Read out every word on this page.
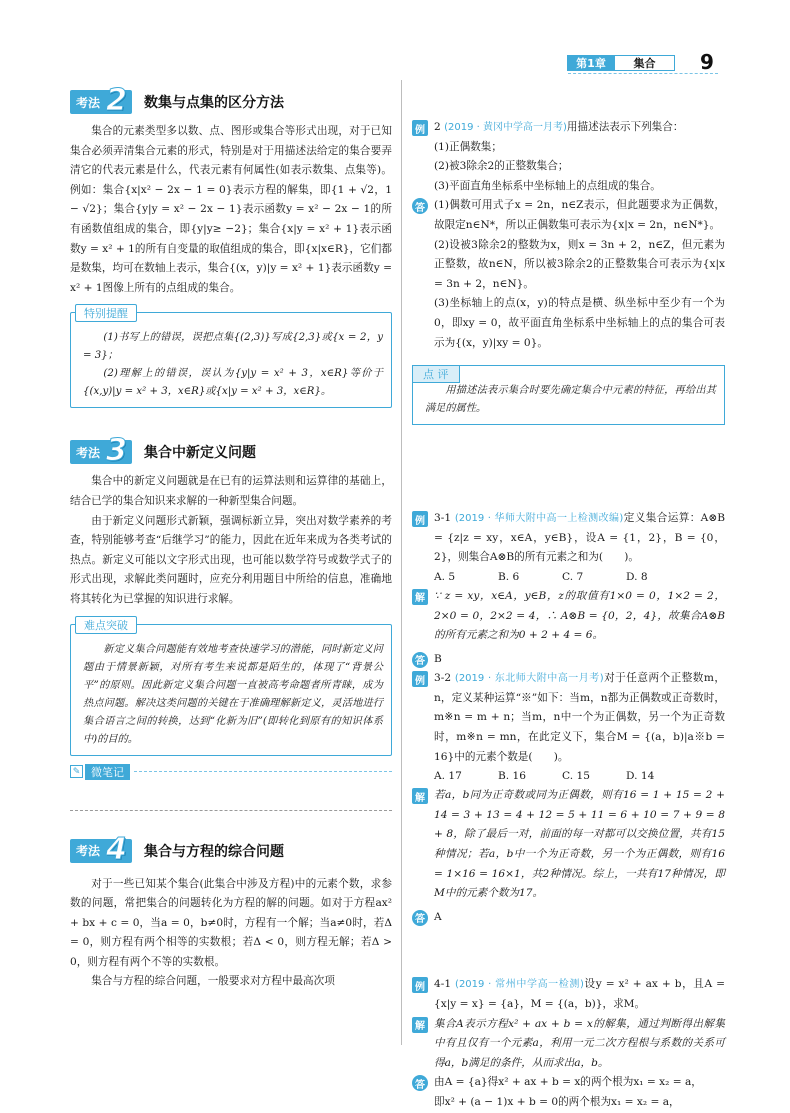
第1章	集合	9
考法 2 数集与点集的区分方法

集合的元素类型多以数、点、图形或集合等形式出现，对于已知集合必须弄清集合元素的形式，特别是对于用描述法给定的集合要弄清它的代表元素是什么，代表元素有何属性(如表示数集、点集等)。例如：集合{x|x² − 2x − 1 = 0}表示方程的解集，即{1 + √2，1 − √2}；集合{y|y = x² − 2x − 1}表示函数y = x² − 2x − 1的所有函数值组成的集合，即{y|y≥ −2}；集合{x|y = x² + 1}表示函数y = x² + 1的所有自变量的取值组成的集合，即{x|x∈R}，它们都是数集，均可在数轴上表示，集合{(x，y)|y = x² + 1}表示函数y = x² + 1图像上所有的点组成的集合。

特别提醒

(1)书写上的错误，误把点集{(2,3)}写成{2,3}或{x = 2，y = 3}；

(2)理解上的错误，误认为{y|y = x² + 3，x∈R}等价于{(x,y)|y = x² + 3，x∈R}或{x|y = x² + 3，x∈R}。

考法 3 集合中新定义问题

集合中的新定义问题就是在已有的运算法则和运算律的基础上，结合已学的集合知识来求解的一种新型集合问题。

由于新定义问题形式新颖，强调标新立异，突出对数学素养的考查，特别能够考查“后继学习”的能力，因此在近年来成为各类考试的热点。新定义可能以文字形式出现，也可能以数学符号或数学式子的形式出现，求解此类问题时，应充分利用题目中所给的信息，准确地将其转化为已掌握的知识进行求解。

难点突破

新定义集合问题能有效地考查快速学习的潜能，同时新定义问题由于情景新颖，对所有考生来说都是陌生的，体现了“背景公平”的原则。因此新定义集合问题一直被高考命题者所青睐，成为热点问题。解决这类问题的关键在于准确理解新定义，灵活地进行集合语言之间的转换，达到“化新为旧”(即转化到原有的知识体系中)的目的。

✎ 微笔记
考法 4 集合与方程的综合问题

对于一些已知某个集合(此集合中涉及方程)中的元素个数，求参数的问题，常把集合的问题转化为方程的解的问题。如对于方程ax² + bx + c = 0，当a = 0，b≠0时，方程有一个解；当a≠0时，若Δ = 0，则方程有两个相等的实数根；若Δ < 0，则方程无解；若Δ > 0，则方程有两个不等的实数根。

集合与方程的综合问题，一般要求对方程中最高次项

例 2 (2019 · 黄冈中学高一月考)用描述法表示下列集合：

(1)正偶数集；

(2)被3除余2的正整数集合；

(3)平面直角坐标系中坐标轴上的点组成的集合。

答 (1)偶数可用式子x = 2n，n∈Z表示，但此题要求为正偶数，故限定n∈N*，所以正偶数集可表示为{x|x = 2n，n∈N*}。

(2)设被3除余2的整数为x，则x = 3n + 2，n∈Z，但元素为正整数，故n∈N，所以被3除余2的正整数集合可表示为{x|x = 3n + 2，n∈N}。

(3)坐标轴上的点(x，y)的特点是横、纵坐标中至少有一个为0，即xy = 0，故平面直角坐标系中坐标轴上的点的集合可表示为{(x，y)|xy = 0}。

点 评

用描述法表示集合时要先确定集合中元素的特征，再给出其满足的属性。

例 3-1 (2019 · 华师大附中高一上检测改编)定义集合运算：A⊗B = {z|z = xy，x∈A，y∈B}，设A = {1，2}，B = {0，2}，则集合A⊗B的所有元素之和为(　　)。

A. 5	B. 6	C. 7	D. 8
解 ∵ z = xy，x∈A，y∈B，z的取值有1×0 = 0，1×2 = 2，2×0 = 0，2×2 = 4，∴ A⊗B = {0，2，4}，故集合A⊗B的所有元素之和为0 + 2 + 4 = 6。

答 B

例 3-2 (2019 · 东北师大附中高一月考)对于任意两个正整数m，n，定义某种运算“※”如下：当m，n都为正偶数或正奇数时，m※n = m + n；当m，n中一个为正偶数，另一个为正奇数时，m※n = mn，在此定义下，集合M = {(a，b)|a※b = 16}中的元素个数是(　　)。

A. 17	B. 16	C. 15	D. 14
解 若a，b同为正奇数或同为正偶数，则有16 = 1 + 15 = 2 + 14 = 3 + 13 = 4 + 12 = 5 + 11 = 6 + 10 = 7 + 9 = 8 + 8，除了最后一对，前面的每一对都可以交换位置，共有15种情况；若a，b中一个为正奇数，另一个为正偶数，则有16 = 1×16 = 16×1，共2种情况。综上，一共有17种情况，即M中的元素个数为17。

答 A

例 4-1 (2019 · 常州中学高一检测)设y = x² + ax + b，且A = {x|y = x} = {a}，M = {(a，b)}，求M。

解 集合A表示方程x² + ax + b = x的解集，通过判断得出解集中有且仅有一个元素a，利用一元二次方程根与系数的关系可得a，b满足的条件，从而求出a，b。

答 由A = {a}得x² + ax + b = x的两个根为x₁ = x₂ = a，

即x² + (a − 1)x + b = 0的两个根为x₁ = x₂ = a，
